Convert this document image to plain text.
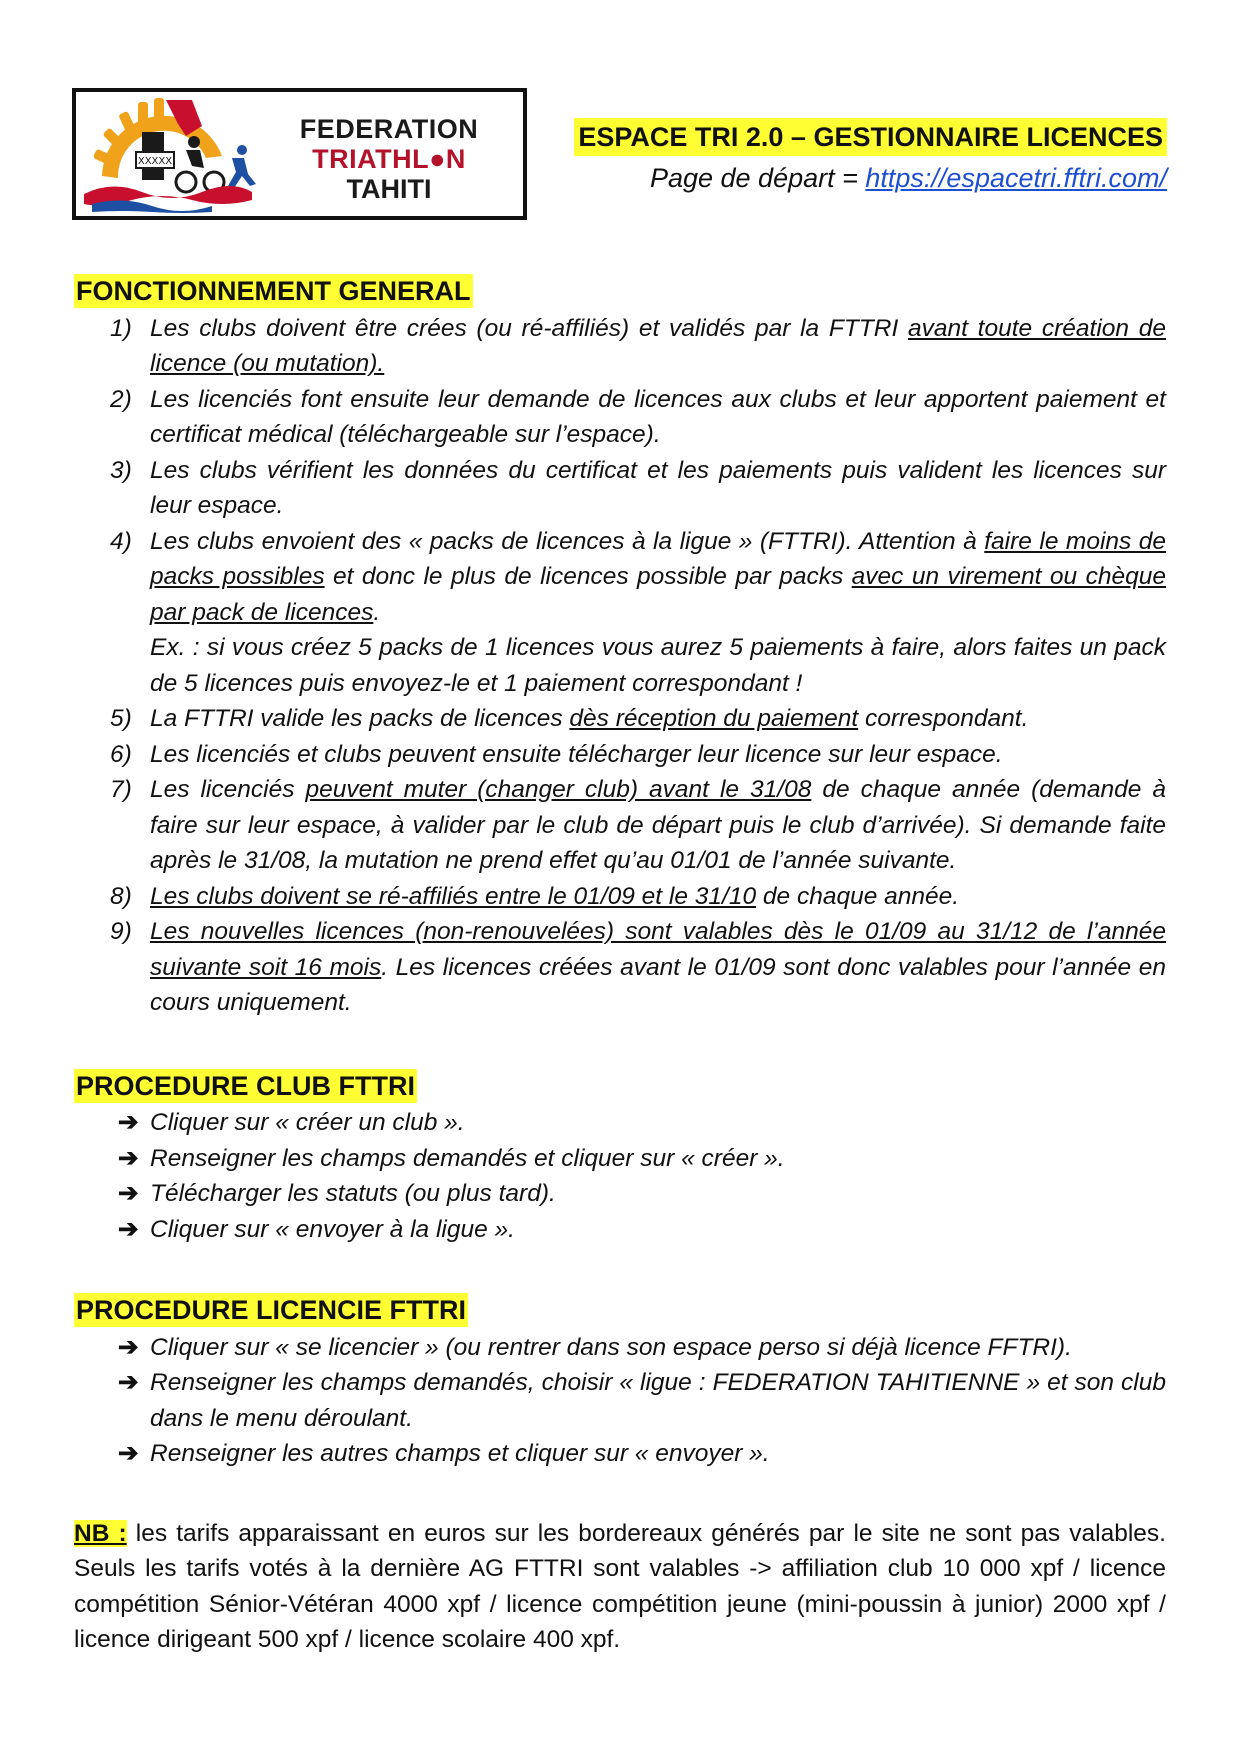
XXXXX
FEDERATION
TRIATHL●N
TAHITI
ESPACE TRI 2.0 – GESTIONNAIRE LICENCES
Page de départ = https://espacetri.fftri.com/
FONCTIONNEMENT GENERAL
1) Les clubs doivent être crées (ou ré-affiliés) et validés par la FTTRI avant toute création de licence (ou mutation).
2) Les licenciés font ensuite leur demande de licences aux clubs et leur apportent paiement et certificat médical (téléchargeable sur l’espace).
3) Les clubs vérifient les données du certificat et les paiements puis valident les licences sur leur espace.
4) Les clubs envoient des « packs de licences à la ligue » (FTTRI). Attention à faire le moins de packs possibles et donc le plus de licences possible par packs avec un virement ou chèque par pack de licences.
Ex. : si vous créez 5 packs de 1 licences vous aurez 5 paiements à faire, alors faites un pack de 5 licences puis envoyez-le et 1 paiement correspondant !
5) La FTTRI valide les packs de licences dès réception du paiement correspondant.
6) Les licenciés et clubs peuvent ensuite télécharger leur licence sur leur espace.
7) Les licenciés peuvent muter (changer club) avant le 31/08 de chaque année (demande à faire sur leur espace, à valider par le club de départ puis le club d’arrivée). Si demande faite après le 31/08, la mutation ne prend effet qu’au 01/01 de l’année suivante.
8) Les clubs doivent se ré-affiliés entre le 01/09 et le 31/10 de chaque année.
9) Les nouvelles licences (non-renouvelées) sont valables dès le 01/09 au 31/12 de l’année suivante soit 16 mois. Les licences créées avant le 01/09 sont donc valables pour l’année en cours uniquement.
PROCEDURE CLUB FTTRI
➔ Cliquer sur « créer un club ».
➔ Renseigner les champs demandés et cliquer sur « créer ».
➔ Télécharger les statuts (ou plus tard).
➔ Cliquer sur « envoyer à la ligue ».
PROCEDURE LICENCIE FTTRI
➔ Cliquer sur « se licencier » (ou rentrer dans son espace perso si déjà licence FFTRI).
➔ Renseigner les champs demandés, choisir « ligue : FEDERATION TAHITIENNE » et son club dans le menu déroulant.
➔ Renseigner les autres champs et cliquer sur « envoyer ».
NB : les tarifs apparaissant en euros sur les bordereaux générés par le site ne sont pas valables. Seuls les tarifs votés à la dernière AG FTTRI sont valables -> affiliation club 10 000 xpf / licence compétition Sénior-Vétéran 4000 xpf / licence compétition jeune (mini-poussin à junior) 2000 xpf / licence dirigeant 500 xpf / licence scolaire 400 xpf.
